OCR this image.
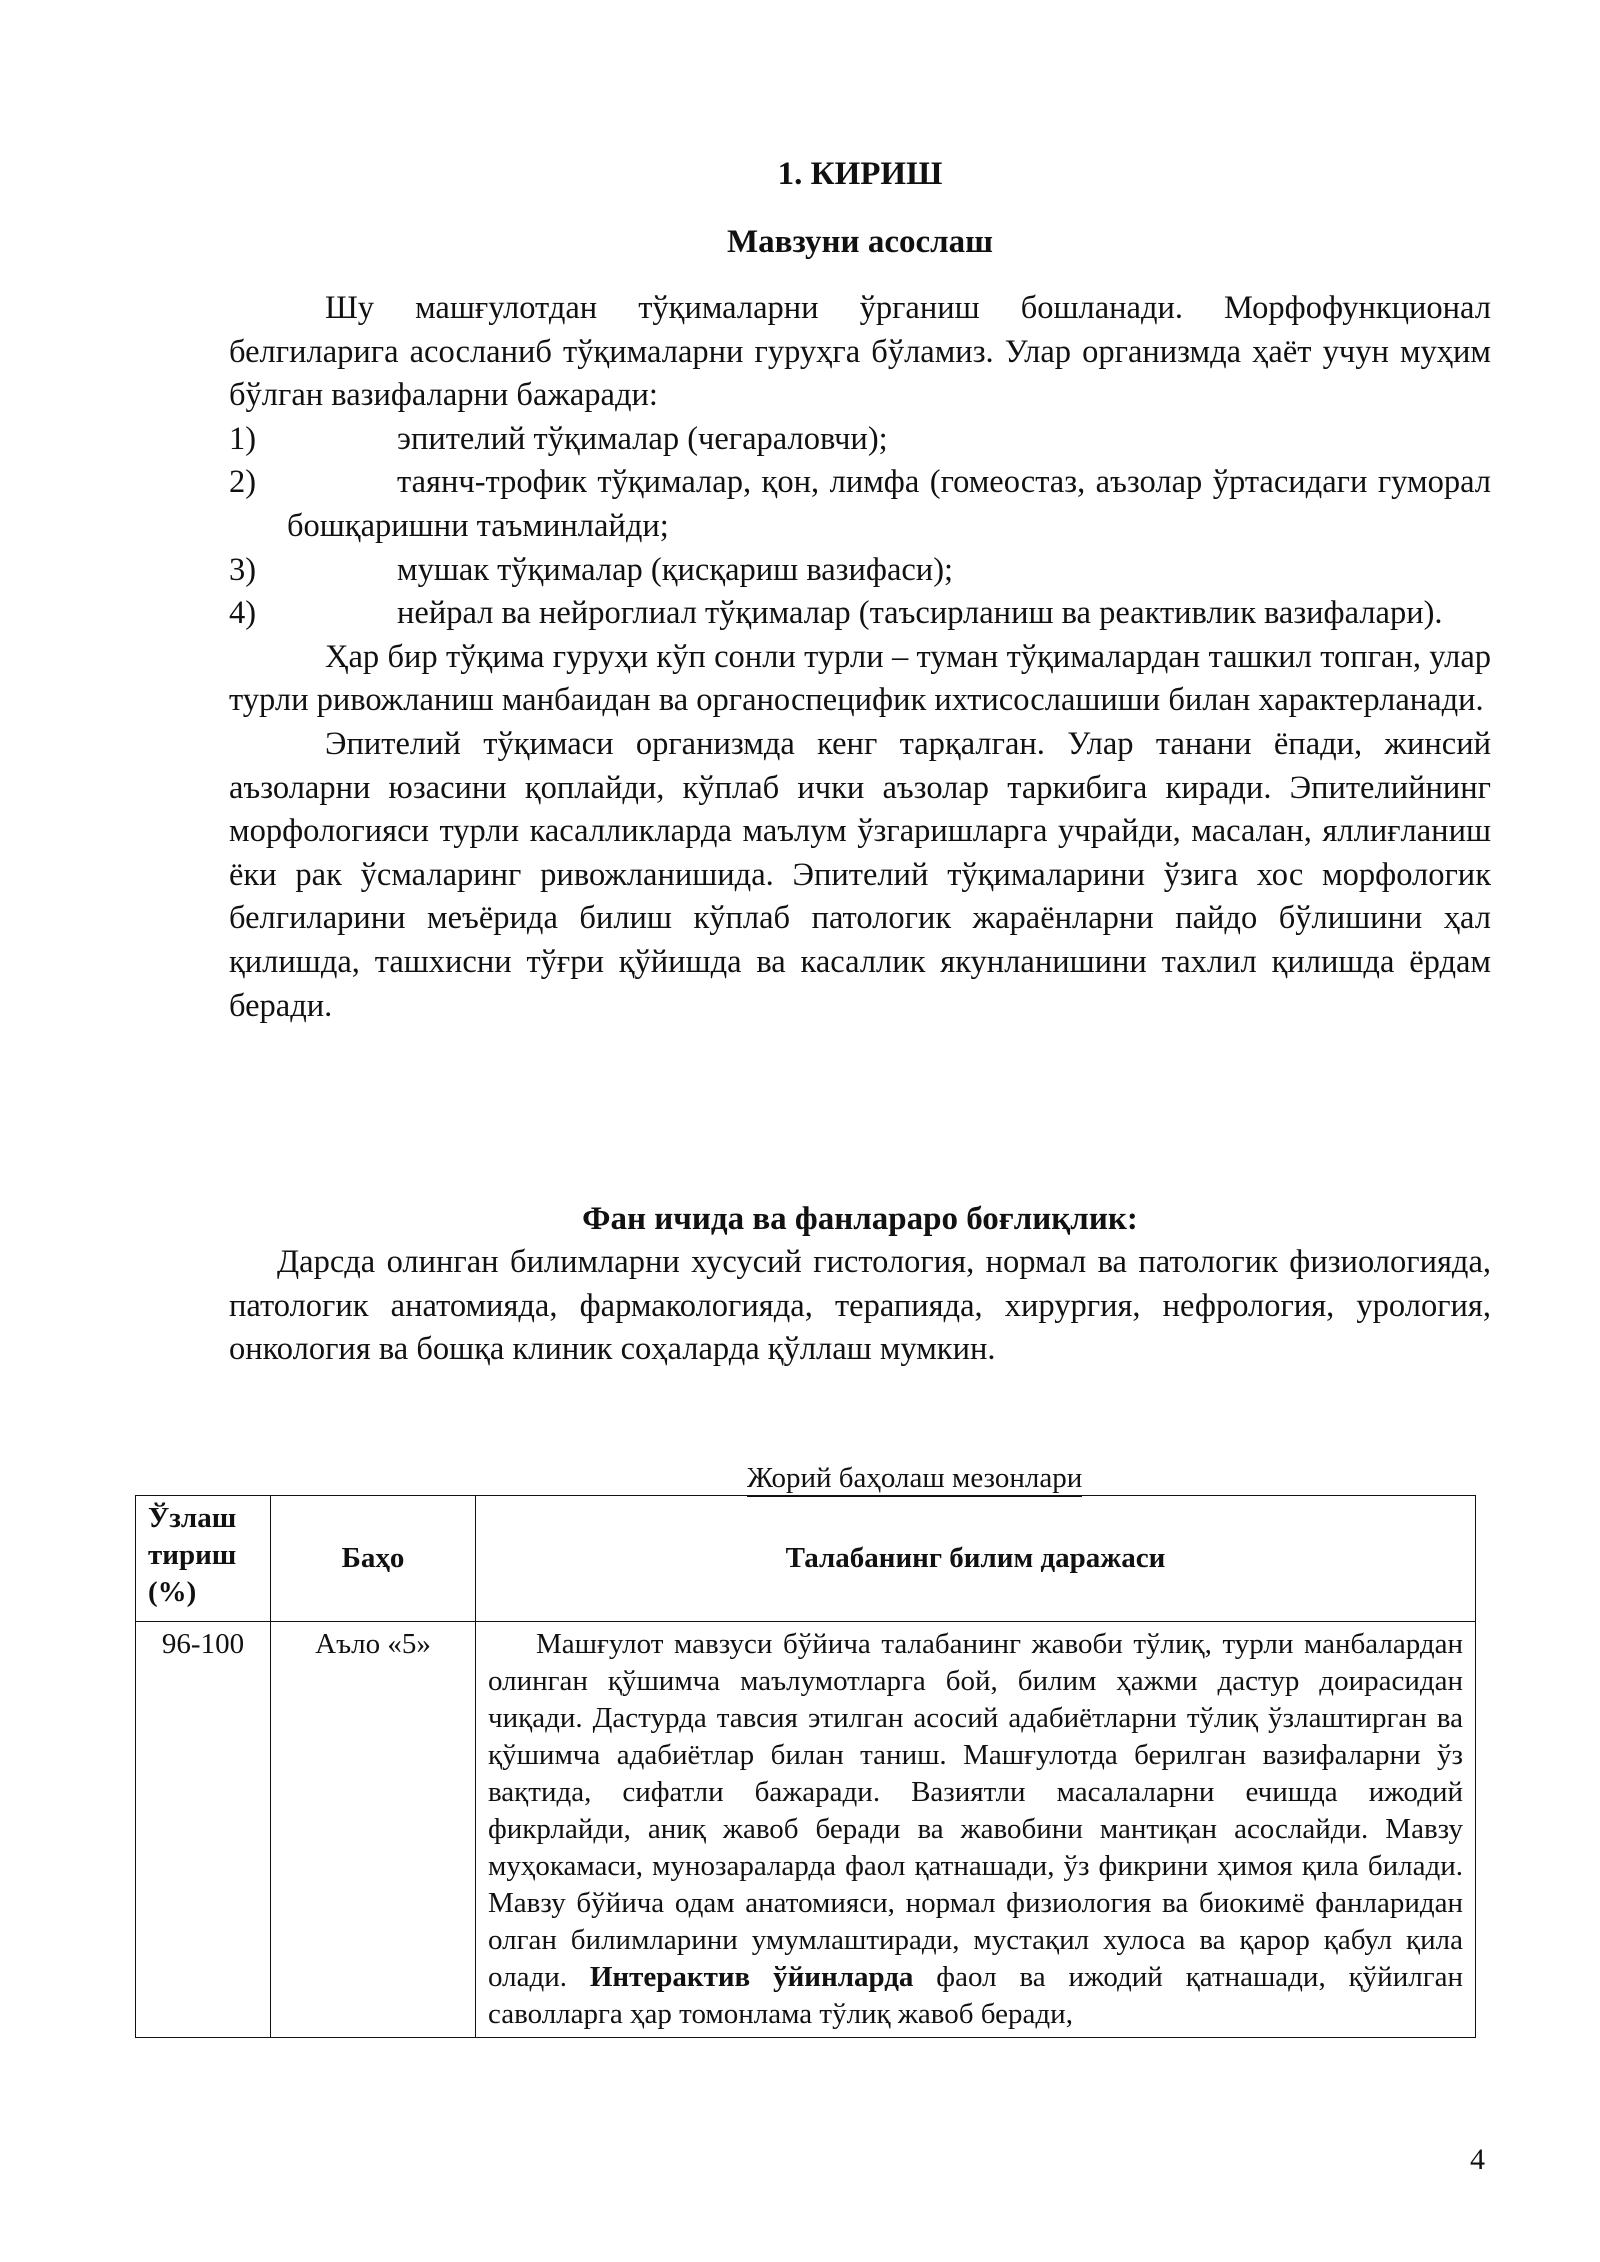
1. КИРИШ
Мавзуни асослаш

Шу машғулотдан тўқималарни ўрганиш бошланади. Морфофункционал белгиларига асосланиб тўқималарни гуруҳга бўламиз. Улар организмда ҳаёт учун муҳим бўлган вазифаларни бажаради:

1)	эпителий тўқималар (чегараловчи);
2)	таянч-трофик тўқималар, қон, лимфа (гомеостаз, аъзолар ўртасидаги гуморал бошқаришни таъминлайди;
3)	мушак тўқималар (қисқариш вазифаси);
4)	нейрал ва нейроглиал тўқималар (таъсирланиш ва реактивлик вазифалари).

Ҳар бир тўқима гуруҳи кўп сонли турли – туман тўқималардан ташкил топган, улар турли ривожланиш манбаидан ва органоспецифик ихтисослашиши билан характерланади.

Эпителий тўқимаси организмда кенг тарқалган. Улар танани ёпади, жинсий аъзоларни юзасини қоплайди, кўплаб ички аъзолар таркибига киради. Эпителийнинг морфологияси турли касалликларда маълум ўзгаришларга учрайди, масалан, яллиғланиш ёки рак ўсмаларинг ривожланишида. Эпителий тўқималарини ўзига хос морфологик белгиларини меъёрида билиш кўплаб патологик жараёнларни пайдо бўлишини ҳал қилишда, ташхисни тўғри қўйишда ва касаллик якунланишини тахлил қилишда ёрдам беради.

Фан ичида ва фанлараро боғлиқлик:

Дарсда олинган билимларни хусусий гистология, нормал ва патологик физиологияда, патологик анатомияда, фармакологияда, терапияда, хирургия, нефрология, урология, онкология ва бошқа клиник соҳаларда қўллаш мумкин.

Жорий баҳолаш мезонлари
Ўзлаш тириш (%)	Баҳо	Талабанинг билим даражаси
96-100	Аъло «5»	Машғулот мавзуси бўйича талабанинг жавоби тўлиқ, турли манбалардан олинган қўшимча маълумотларга бой, билим ҳажми дастур доирасидан чиқади. Дастурда тавсия этилган асосий адабиётларни тўлиқ ўзлаштирган ва қўшимча адабиётлар билан таниш. Машғулотда берилган вазифаларни ўз вақтида, сифатли бажаради. Вазиятли масалаларни ечишда ижодий фикрлайди, аниқ жавоб беради ва жавобини мантиқан асослайди. Мавзу муҳокамаси, мунозараларда фаол қатнашади, ўз фикрини ҳимоя қила билади. Мавзу бўйича одам анатомияси, нормал физиология ва биокимё фанларидан олган билимларини умумлаштиради, мустақил хулоса ва қарор қабул қила олади. Интерактив ўйинларда фаол ва ижодий қатнашади, қўйилган саволларга ҳар томонлама тўлиқ жавоб беради,

4
